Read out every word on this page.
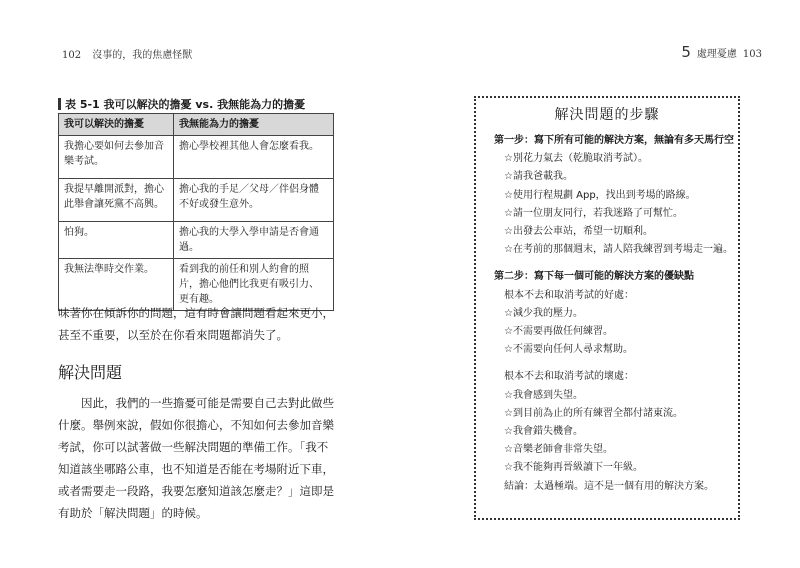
102 沒事的，我的焦慮怪獸
表 5-1 我可以解決的擔憂 vs. 我無能為力的擔憂
我可以解決的擔憂	我無能為力的擔憂
我擔心要如何去參加音樂考試。	擔心學校裡其他人會怎麼看我。
我提早離開派對，擔心此舉會讓死黨不高興。	擔心我的手足／父母／伴侶身體不好或發生意外。
怕狗。	擔心我的大學入學申請是否會通過。
我無法準時交作業。	看到我的前任和別人約會的照片，擔心他們比我更有吸引力、更有趣。
味著你在傾訴你的問題，這有時會讓問題看起來更小，甚至不重要，以至於在你看來問題都消失了。
解決問題
因此，我們的一些擔憂可能是需要自己去對此做些什麼。舉例來說，假如你很擔心，不知如何去參加音樂考試，你可以試著做一些解決問題的準備工作。「我不知道該坐哪路公車，也不知道是否能在考場附近下車，或者需要走一段路，我要怎麼知道該怎麼走？」這即是有助於「解決問題」的時候。
5 處理憂慮 103
解決問題的步驟
第一步：寫下所有可能的解決方案，無論有多天馬行空
☆別花力氣去（乾脆取消考試）。
☆請我爸載我。
☆使用行程規劃 App，找出到考場的路線。
☆請一位朋友同行，若我迷路了可幫忙。
☆出發去公車站，希望一切順利。
☆在考前的那個週末，請人陪我練習到考場走一遍。
第二步：寫下每一個可能的解決方案的優缺點
根本不去和取消考試的好處：
☆減少我的壓力。
☆不需要再做任何練習。
☆不需要向任何人尋求幫助。
根本不去和取消考試的壞處：
☆我會感到失望。
☆到目前為止的所有練習全都付諸東流。
☆我會錯失機會。
☆音樂老師會非常失望。
☆我不能夠再晉級讀下一年級。
結論：太過極端。這不是一個有用的解決方案。
